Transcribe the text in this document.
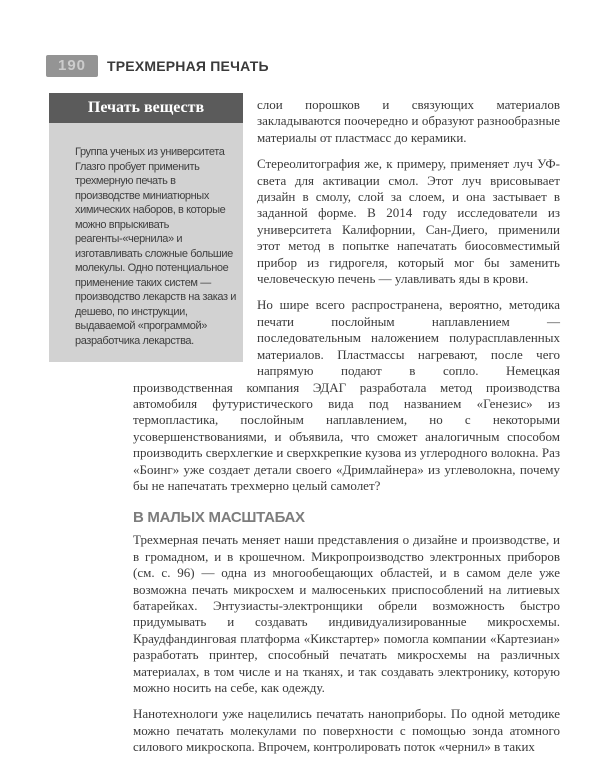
190	ТРЕХМЕРНАЯ ПЕЧАТЬ
Печать веществ
Группа ученых из университета Глазго пробует применить трехмерную печать в производстве миниатюрных химических наборов, в которые можно впрыскивать реагенты-«чернила» и изготавливать сложные большие молекулы. Одно потенциальное применение таких систем — производство лекарств на заказ и дешево, по инструкции, выдаваемой «программой» разработчика лекарства.

слои порошков и связующих материалов закладываются поочередно и образуют разнообразные материалы от пластмасс до керамики.

Стереолитография же, к примеру, применяет луч УФ-света для активации смол. Этот луч врисовывает дизайн в смолу, слой за слоем, и она застывает в заданной форме. В 2014 году исследователи из университета Калифорнии, Сан-Диего, применили этот метод в попытке напечатать биосовместимый прибор из гидрогеля, который мог бы заменить человеческую печень — улавливать яды в крови.

Но шире всего распространена, вероятно, методика печати послойным наплавлением — последовательным наложением полурасплавленных материалов. Пластмассы нагревают, после чего напрямую подают в сопло. Немецкая производственная компания ЭДАГ разработала метод производства автомобиля футуристического вида под названием «Генезис» из термопластика, послойным наплавлением, но с некоторыми усовершенствованиями, и объявила, что сможет аналогичным способом производить сверхлегкие и сверхкрепкие кузова из углеродного волокна. Раз «Боинг» уже создает детали своего «Дримлайнера» из углеволокна, почему бы не напечатать трехмерно целый самолет?

В МАЛЫХ МАСШТАБАХ

Трехмерная печать меняет наши представления о дизайне и производстве, и в громадном, и в крошечном. Микропроизводство электронных приборов (см. с. 96) — одна из многообещающих областей, и в самом деле уже возможна печать микросхем и малюсеньких приспособлений на литиевых батарейках. Энтузиасты-электронщики обрели возможность быстро придумывать и создавать индивидуализированные микросхемы. Краудфандинговая платформа «Кикстартер» помогла компании «Картезиан» разработать принтер, способный печатать микросхемы на различных материалах, в том числе и на тканях, и так создавать электронику, которую можно носить на себе, как одежду.

Нанотехнологи уже нацелились печатать наноприборы. По одной методике можно печатать молекулами по поверхности с помощью зонда атомного силового микроскопа. Впрочем, контролировать поток «чернил» в таких
